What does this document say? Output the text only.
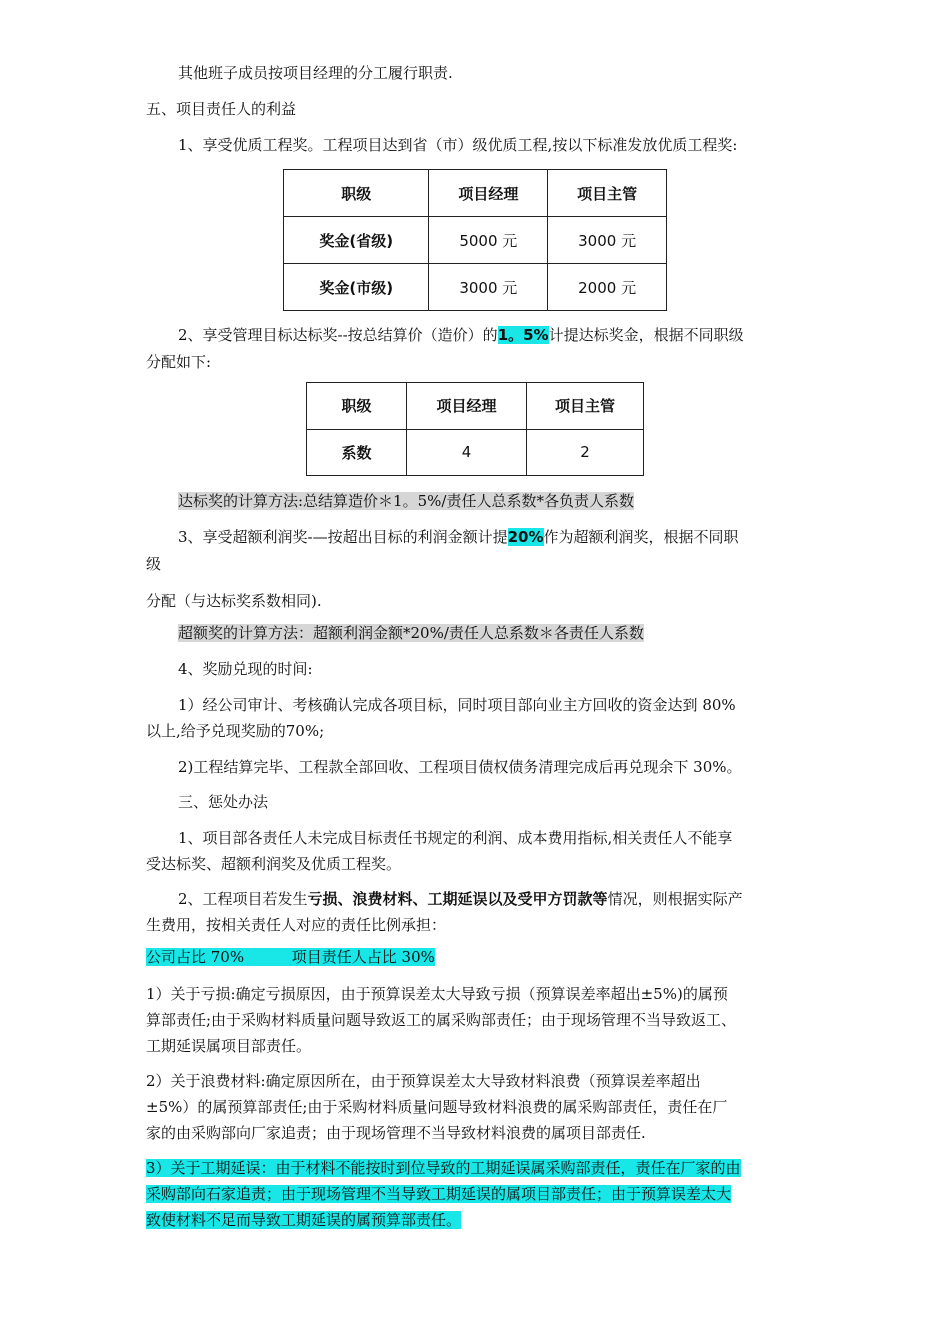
其他班子成员按项目经理的分工履行职责.
五、项目责任人的利益
1、享受优质工程奖。工程项目达到省（市）级优质工程,按以下标准发放优质工程奖:
职级	项目经理	项目主管
奖金(省级)	5000 元	3000 元
奖金(市级)	3000 元	2000 元
2、享受管理目标达标奖--按总结算价（造价）的1。5%计提达标奖金，根据不同职级
分配如下:
职级	项目经理	项目主管
系数	4	2
达标奖的计算方法:总结算造价＊1。5%/责任人总系数*各负责人系数
3、享受超额利润奖-—按超出目标的利润金额计提20%作为超额利润奖，根据不同职
级
分配（与达标奖系数相同).
超额奖的计算方法：超额利润金额*20%/责任人总系数＊各责任人系数
4、奖励兑现的时间:
1）经公司审计、考核确认完成各项目标，同时项目部向业主方回收的资金达到 80%
以上,给予兑现奖励的70%;
2)工程结算完毕、工程款全部回收、工程项目债权债务清理完成后再兑现余下 30%。
三、惩处办法
1、项目部各责任人未完成目标责任书规定的利润、成本费用指标,相关责任人不能享
受达标奖、超额利润奖及优质工程奖。
2、工程项目若发生亏损、浪费材料、工期延误以及受甲方罚款等情况，则根据实际产
生费用，按相关责任人对应的责任比例承担：
公司占比 70%          项目责任人占比 30%
1）关于亏损:确定亏损原因，由于预算误差太大导致亏损（预算误差率超出±5%)的属预
算部责任;由于采购材料质量问题导致返工的属采购部责任；由于现场管理不当导致返工、
工期延误属项目部责任。
2）关于浪费材料:确定原因所在，由于预算误差太大导致材料浪费（预算误差率超出
±5%）的属预算部责任;由于采购材料质量问题导致材料浪费的属采购部责任，责任在厂
家的由采购部向厂家追责；由于现场管理不当导致材料浪费的属项目部责任.
3）关于工期延误：由于材料不能按时到位导致的工期延误属采购部责任，责任在厂家的由
采购部向石家追责；由于现场管理不当导致工期延误的属项目部责任；由于预算误差太大
致使材料不足而导致工期延误的属预算部责任。
